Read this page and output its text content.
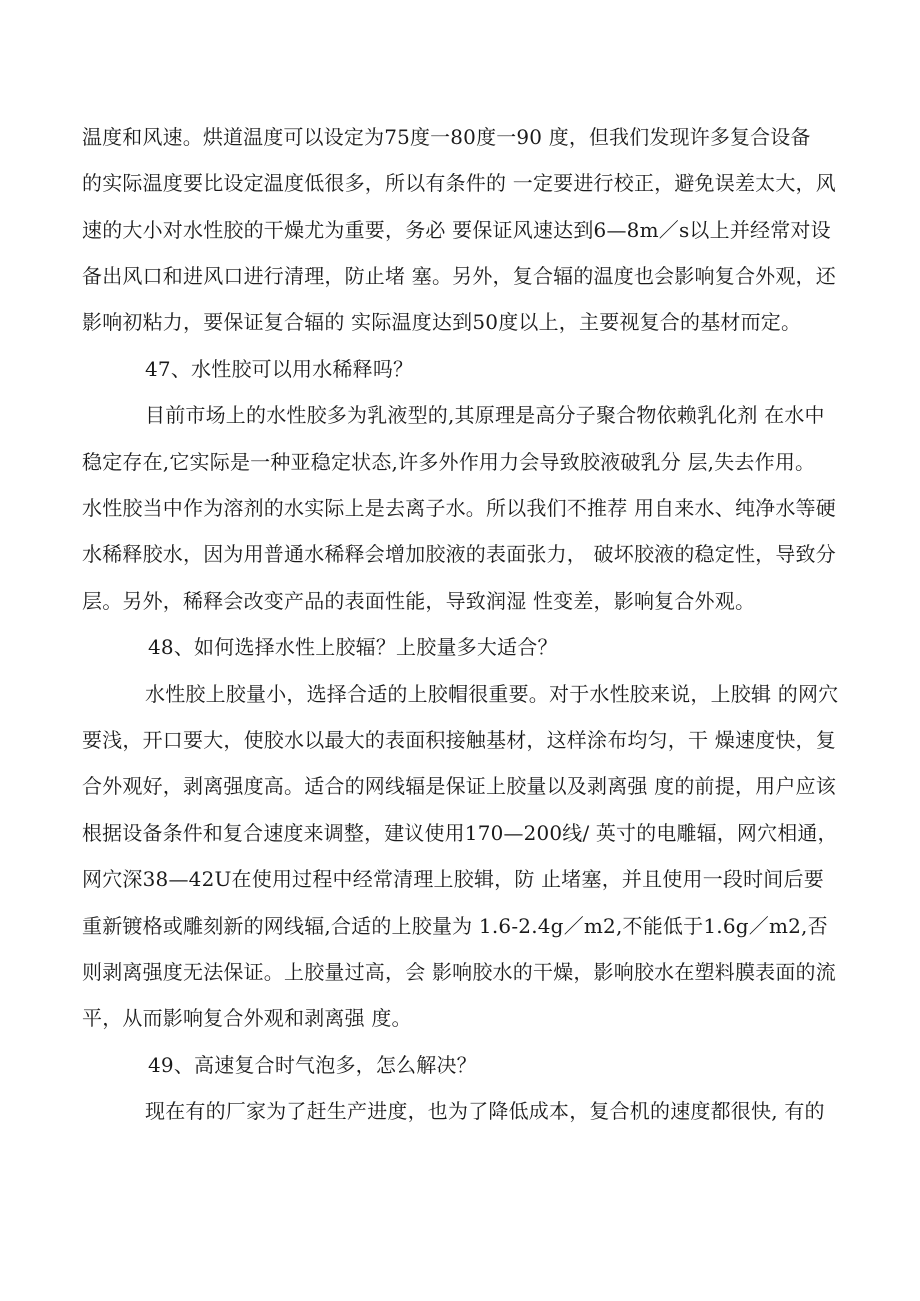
温度和风速。烘道温度可以设定为75度一80度一90 度，但我们发现许多复合设备
的实际温度要比设定温度低很多，所以有条件的 一定要进行校正，避免误差太大，风
速的大小对水性胶的干燥尤为重要，务必 要保证风速达到6—8m／s以上并经常对设
备出风口和进风口进行清理，防止堵 塞。另外，复合辐的温度也会影响复合外观，还
影响初粘力，要保证复合辐的 实际温度达到50度以上，主要视复合的基材而定。
47、水性胶可以用水稀释吗？
目前市场上的水性胶多为乳液型的,其原理是高分子聚合物依赖乳化剂 在水中
稳定存在,它实际是一种亚稳定状态,许多外作用力会导致胶液破乳分 层,失去作用。
水性胶当中作为溶剂的水实际上是去离子水。所以我们不推荐 用自来水、纯净水等硬
水稀释胶水，因为用普通水稀释会增加胶液的表面张力， 破坏胶液的稳定性，导致分
层。另外，稀释会改变产品的表面性能，导致润湿 性变差，影响复合外观。
48、如何选择水性上胶辐？上胶量多大适合？
水性胶上胶量小，选择合适的上胶帽很重要。对于水性胶来说，上胶辑 的网穴
要浅，开口要大，使胶水以最大的表面积接触基材，这样涂布均匀，干 燥速度快，复
合外观好，剥离强度高。适合的网线辐是保证上胶量以及剥离强 度的前提，用户应该
根据设备条件和复合速度来调整，建议使用170—200线/ 英寸的电雕辐，网穴相通，
网穴深38—42U在使用过程中经常清理上胶辑，防 止堵塞，并且使用一段时间后要
重新镀格或雕刻新的网线辐,合适的上胶量为 1.6-2.4g／m2,不能低于1.6g／m2,否
则剥离强度无法保证。上胶量过高，会 影响胶水的干燥，影响胶水在塑料膜表面的流
平，从而影响复合外观和剥离强 度。
49、高速复合时气泡多，怎么解决？
现在有的厂家为了赶生产进度，也为了降低成本，复合机的速度都很快, 有的
